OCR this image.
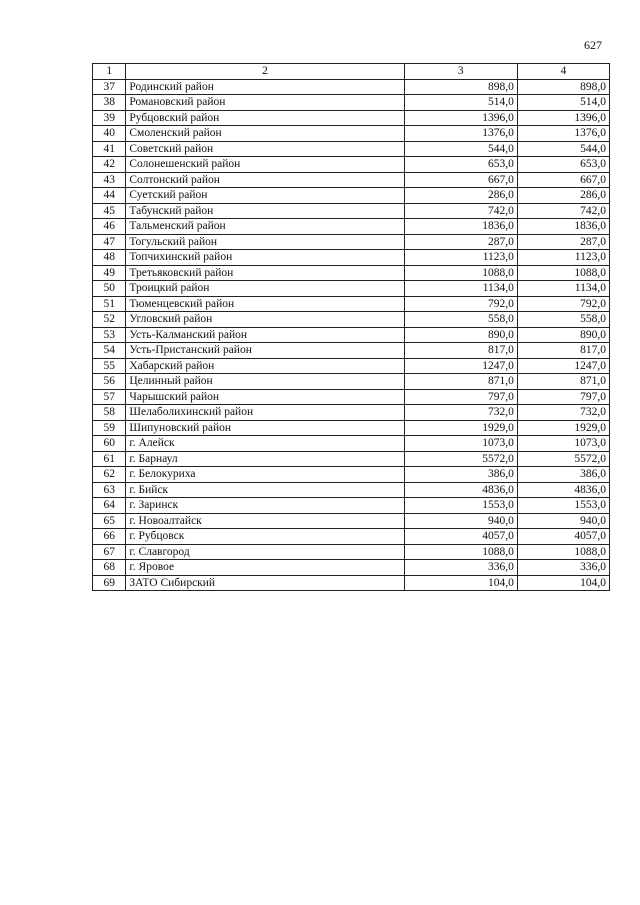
627
1	2	3	4
37	Родинский район	898,0	898,0
38	Романовский район	514,0	514,0
39	Рубцовский район	1396,0	1396,0
40	Смоленский район	1376,0	1376,0
41	Советский район	544,0	544,0
42	Солонешенский район	653,0	653,0
43	Солтонский район	667,0	667,0
44	Суетский район	286,0	286,0
45	Табунский район	742,0	742,0
46	Тальменский район	1836,0	1836,0
47	Тогульский район	287,0	287,0
48	Топчихинский район	1123,0	1123,0
49	Третьяковский район	1088,0	1088,0
50	Троицкий район	1134,0	1134,0
51	Тюменцевский район	792,0	792,0
52	Угловский район	558,0	558,0
53	Усть-Калманский район	890,0	890,0
54	Усть-Пристанский район	817,0	817,0
55	Хабарский район	1247,0	1247,0
56	Целинный район	871,0	871,0
57	Чарышский район	797,0	797,0
58	Шелаболихинский район	732,0	732,0
59	Шипуновский район	1929,0	1929,0
60	г. Алейск	1073,0	1073,0
61	г. Барнаул	5572,0	5572,0
62	г. Белокуриха	386,0	386,0
63	г. Бийск	4836,0	4836,0
64	г. Заринск	1553,0	1553,0
65	г. Новоалтайск	940,0	940,0
66	г. Рубцовск	4057,0	4057,0
67	г. Славгород	1088,0	1088,0
68	г. Яровое	336,0	336,0
69	ЗАТО Сибирский	104,0	104,0
